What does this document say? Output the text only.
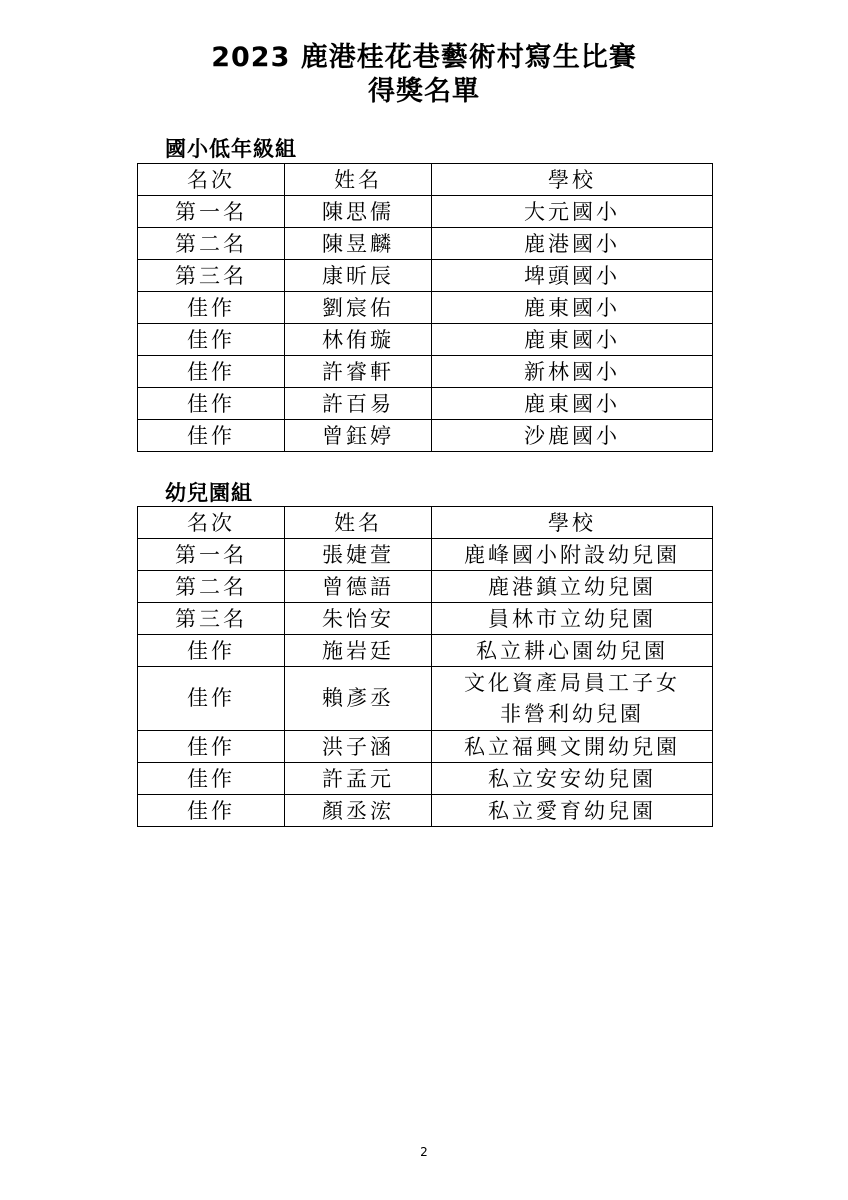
2023 鹿港桂花巷藝術村寫生比賽
得獎名單
國小低年級組
名次	姓名	學校
第一名	陳思儒	大元國小
第二名	陳昱麟	鹿港國小
第三名	康昕辰	埤頭國小
佳作	劉宸佑	鹿東國小
佳作	林侑璇	鹿東國小
佳作	許睿軒	新林國小
佳作	許百易	鹿東國小
佳作	曾鈺婷	沙鹿國小
幼兒園組
名次	姓名	學校
第一名	張婕萱	鹿峰國小附設幼兒園
第二名	曾德語	鹿港鎮立幼兒園
第三名	朱怡安	員林市立幼兒園
佳作	施岩廷	私立耕心園幼兒園
佳作	賴彥丞	文化資產局員工子女
非營利幼兒園

佳作	洪子涵	私立福興文開幼兒園
佳作	許孟元	私立安安幼兒園
佳作	顏丞浤	私立愛育幼兒園
2
